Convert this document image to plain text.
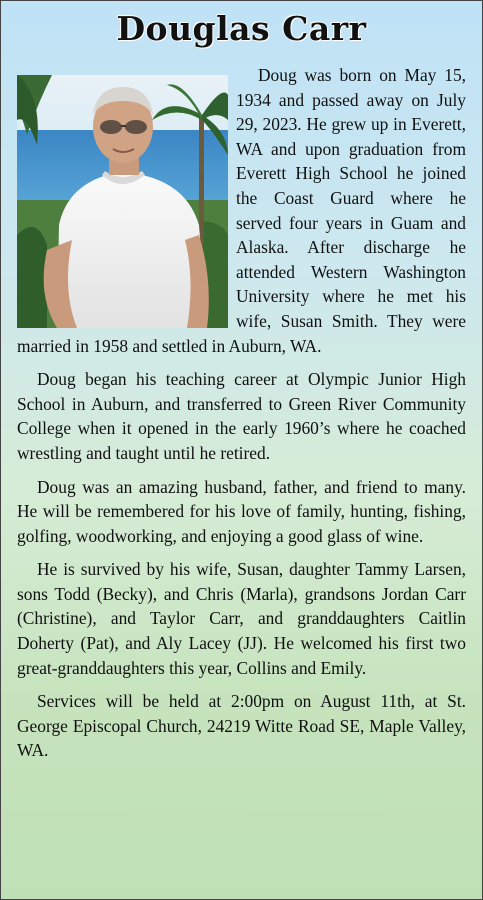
Douglas Carr

Doug was born on May 15, 1934 and passed away on July 29, 2023. He grew up in Everett, WA and upon graduation from Everett High School he joined the Coast Guard where he served four years in Guam and Alaska. After discharge he attended Western Washington University where he met his wife, Susan Smith. They were married in 1958 and settled in Auburn, WA.

Doug began his teaching career at Olympic Junior High School in Auburn, and transferred to Green River Community College when it opened in the early 1960’s where he coached wrestling and taught until he retired.

Doug was an amazing husband, father, and friend to many. He will be remembered for his love of family, hunting, fishing, golfing, woodworking, and enjoying a good glass of wine.

He is survived by his wife, Susan, daughter Tammy Larsen, sons Todd (Becky), and Chris (Marla), grandsons Jordan Carr (Christine), and Taylor Carr, and granddaughters Caitlin Doherty (Pat), and Aly Lacey (JJ). He welcomed his first two great-granddaughters this year, Collins and Emily.

Services will be held at 2:00pm on August 11th, at St. George Episcopal Church, 24219 Witte Road SE, Maple Valley, WA.
